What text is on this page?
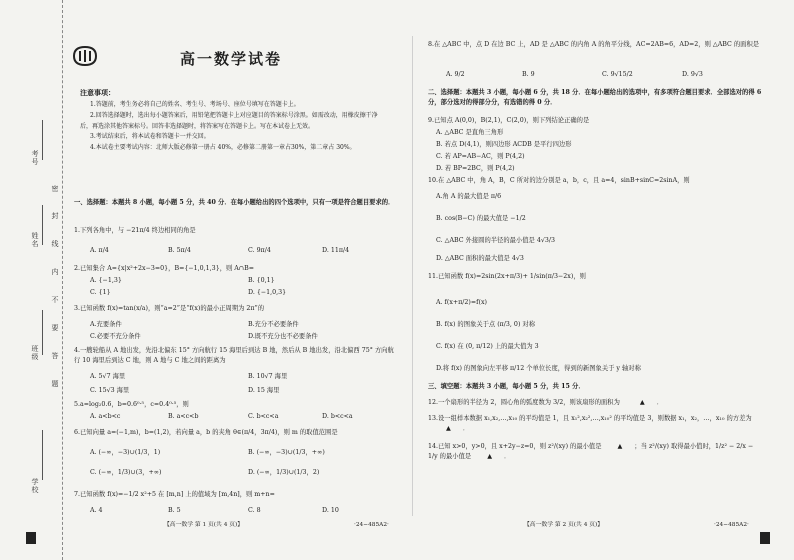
考号
姓名
班级
学校
密
封
线
内
不
要
答
题
高一数学试卷
注意事项：
1.答题前，考生务必将自己的姓名、考生号、考场号、座位号填写在答题卡上。
2.回答选择题时，选出每小题答案后，用铅笔把答题卡上对应题目的答案标号涂黑。如需改动，用橡皮擦干净后，再选涂其他答案标号。回答非选择题时，将答案写在答题卡上。写在本试卷上无效。
3.考试结束后，将本试卷和答题卡一并交回。
4.本试卷主要考试内容：北师大版必修第一册占 40%，必修第二册第一章占30%，第二章占 30%。
一、选择题：本题共 8 小题，每小题 5 分，共 40 分．在每小题给出的四个选项中，只有一项是符合题目要求的．
1.下列各角中，与 −21π/4 终边相同的角是
A. π/4	B. 5π/4	C. 9π/4	D. 11π/4
2.已知集合 A={x|x²+2x−3=0}，B={−1,0,1,3}，则 A∩B=
A. {−1,3}	B. {0,1}
C. {1}	D. {−1,0,3}
3.已知函数 f(x)=tan(x/a)，则“a=2”是“f(x)的最小正周期为 2π”的
A.充要条件	B.充分不必要条件
C.必要不充分条件	D.既不充分也不必要条件
4.一艘轮船从 A 地出发，先沿北偏东 15° 方向航行 15 海里后到达 B 地，然后从 B 地出发，沿北偏西 75° 方向航行 10 海里后到达 C 地，则 A 地与 C 地之间的距离为
A. 5√7 海里	B. 10√7 海里
C. 15√3 海里	D. 15 海里
5.a=log₂0.6，b=0.6⁰·⁵，c=0.4⁰·⁵，则
A. a<b<c	B. a<c<b	C. b<c<a	D. b<c<a
6.已知向量 a=(−1,m)，b=(1,2)，若向量 a，b 的夹角 θ∈(π/4，3π/4)，则 m 的取值范围是
A. (−∞，−3)∪(1/3，1)	B. (−∞，−3)∪(1/3，+∞)
C. (−∞，1/3)∪(3，+∞)	D. (−∞，1/3)∪(1/3，2)
7.已知函数 f(x)=−1/2 x²+5 在 [m,n] 上的值域为 [m,4n]，则 m+n=
A. 4	B. 5	C. 8	D. 10
【高一数学 第 1 页(共 4 页)】	·24−485A2·
8.在 △ABC 中，点 D 在边 BC 上，AD 是 △ABC 的内角 A 的角平分线，AC=2AB=6，AD=2，则 △ABC 的面积是
A. 9/2	B. 9	C. 9√15/2	D. 9√3
二、选择题：本题共 3 小题，每小题 6 分，共 18 分．在每小题给出的选项中，有多项符合题目要求．全部选对的得 6 分，部分选对的得部分分，有选错的得 0 分．
9.已知点 A(0,0)，B(2,1)，C(2,0)，则下列结论正确的是
A. △ABC 是直角三角形
B. 若点 D(4,1)，则四边形 ACDB 是平行四边形
C. 若 AP=AB−AC，则 P(4,2)
D. 若 BP=2BC，则 P(4,2)
10.在 △ABC 中，角 A，B，C 所对的边分别是 a，b，c，且 a=4，sinB+sinC=2sinA，则
A.角 A 的最大值是 π/6
B. cos(B−C) 的最大值是 −1/2
C. △ABC 外接圆的半径的最小值是 4√3/3
D. △ABC 面积的最大值是 4√3
11.已知函数 f(x)=2sin(2x+π/3)+ 1/sin(π/3−2x)，则
A. f(x+π/2)=f(x)
B. f(x) 的图象关于点 (π/3, 0) 对称
C. f(x) 在 (0, π/12) 上的最大值为 3
D.将 f(x) 的图象向左平移 π/12 个单位长度，得到的新图象关于 y 轴对称
三、填空题：本题共 3 小题，每小题 5 分，共 15 分．
12.一个扇形的半径为 2，圆心角的弧度数为 3/2，则该扇形的面积为	▲ ．
13.设一组样本数据 x₁,x₂,…,x₁₀ 的平均值是 1，且 x₁²,x₂²,…,x₁₀² 的平均值是 3，则数据 x₁，x₂，…，x₁₀ 的方差为 ▲ ．
14.已知 x>0，y>0，且 x+2y−z=0，则 z²/(xy) 的最小值是	▲ ；当 z²/(xy) 取得最小值时，1/z² − 2/x − 1/y 的最小值是	▲ ．
【高一数学 第 2 页(共 4 页)】	·24−485A2·
